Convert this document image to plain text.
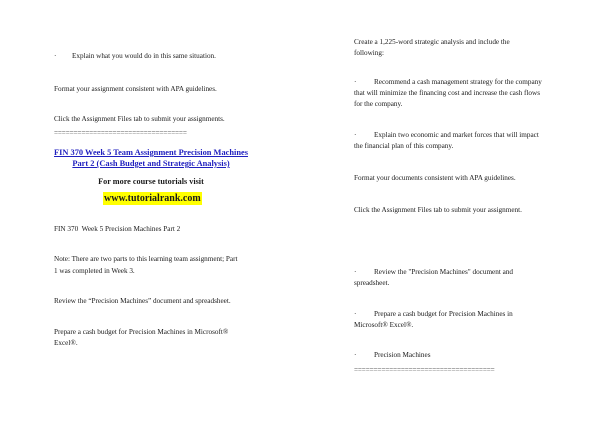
· Explain what you would do in this same situation.
Format your assignment consistent with APA guidelines.
Click the Assignment Files tab to submit your assignments.
==================================
FIN 370 Week 5 Team Assignment Precision Machines
Part 2 (Cash Budget and Strategic Analysis)
For more course tutorials visit
www.tutorialrank.com
FIN 370  Week 5 Precision Machines Part 2
Note: There are two parts to this learning team assignment; Part
1 was completed in Week 3.
Review the “Precision Machines” document and spreadsheet.
Prepare a cash budget for Precision Machines in Microsoft®
Excel®.
Create a 1,225-word strategic analysis and include the
following:
· Recommend a cash management strategy for the company
that will minimize the financing cost and increase the cash flows
for the company.
· Explain two economic and market forces that will impact
the financial plan of this company.
Format your documents consistent with APA guidelines.
Click the Assignment Files tab to submit your assignment.
· Review the "Precision Machines" document and
spreadsheet.
· Prepare a cash budget for Precision Machines in
Microsoft® Excel®.
· Precision Machines
====================================
